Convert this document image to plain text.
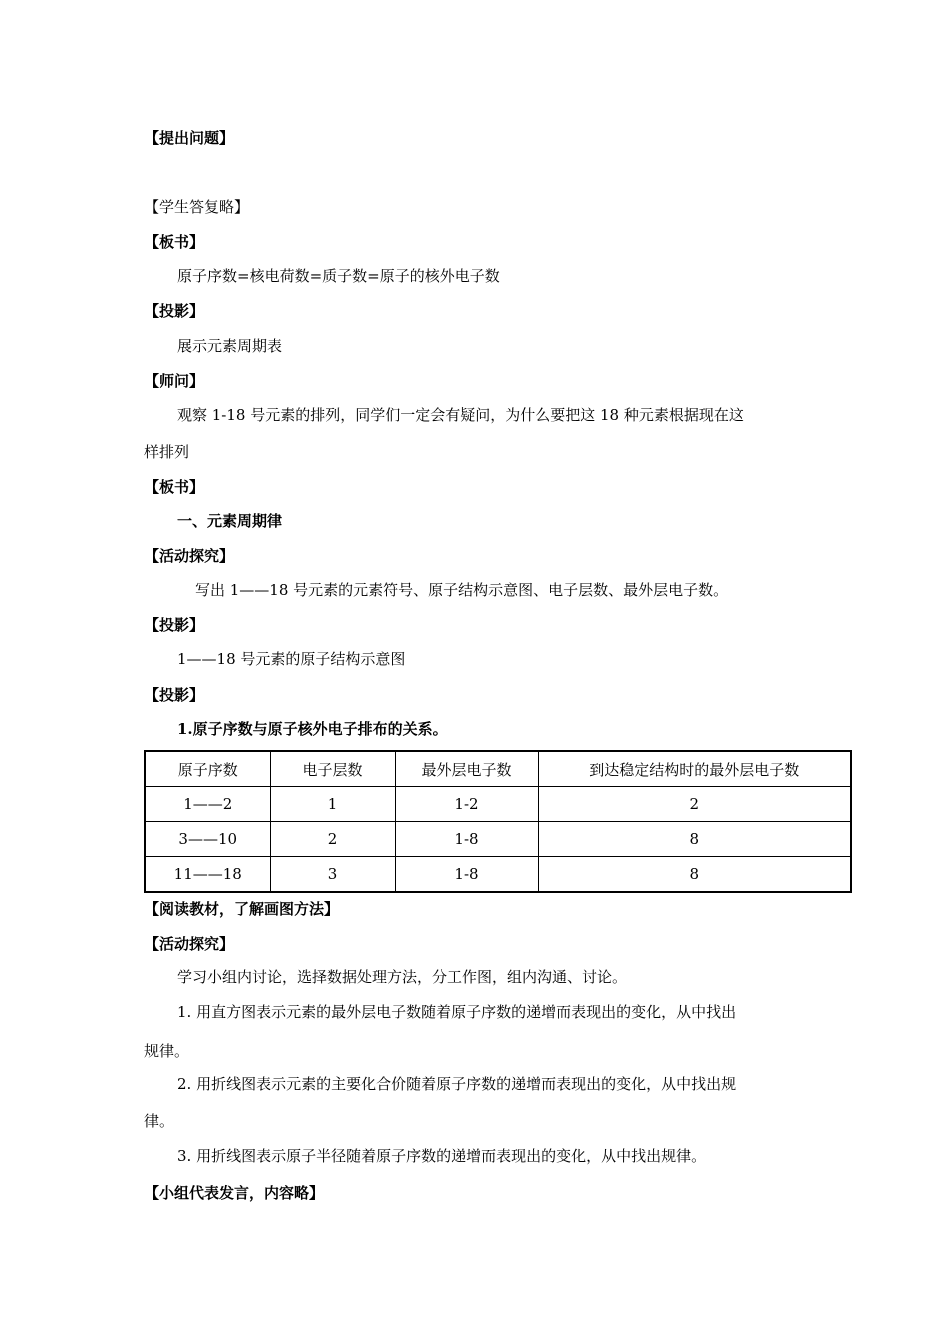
【提出问题】
【学生答复略】
【板书】
原子序数=核电荷数=质子数=原子的核外电子数
【投影】
展示元素周期表
【师问】
观察 1-18 号元素的排列，同学们一定会有疑问，为什么要把这 18 种元素根据现在这
样排列
【板书】
一、元素周期律
【活动探究】
写出 1——18 号元素的元素符号、原子结构示意图、电子层数、最外层电子数。
【投影】
1——18 号元素的原子结构示意图
【投影】
1.原子序数与原子核外电子排布的关系。
原子序数	电子层数	最外层电子数	到达稳定结构时的最外层电子数
1——2	1	1-2	2
3——10	2	1-8	8
11——18	3	1-8	8
【阅读教材，了解画图方法】
【活动探究】
学习小组内讨论，选择数据处理方法，分工作图，组内沟通、讨论。
1. 用直方图表示元素的最外层电子数随着原子序数的递增而表现出的变化，从中找出
规律。
2. 用折线图表示元素的主要化合价随着原子序数的递增而表现出的变化，从中找出规
律。
3. 用折线图表示原子半径随着原子序数的递增而表现出的变化，从中找出规律。
【小组代表发言，内容略】
